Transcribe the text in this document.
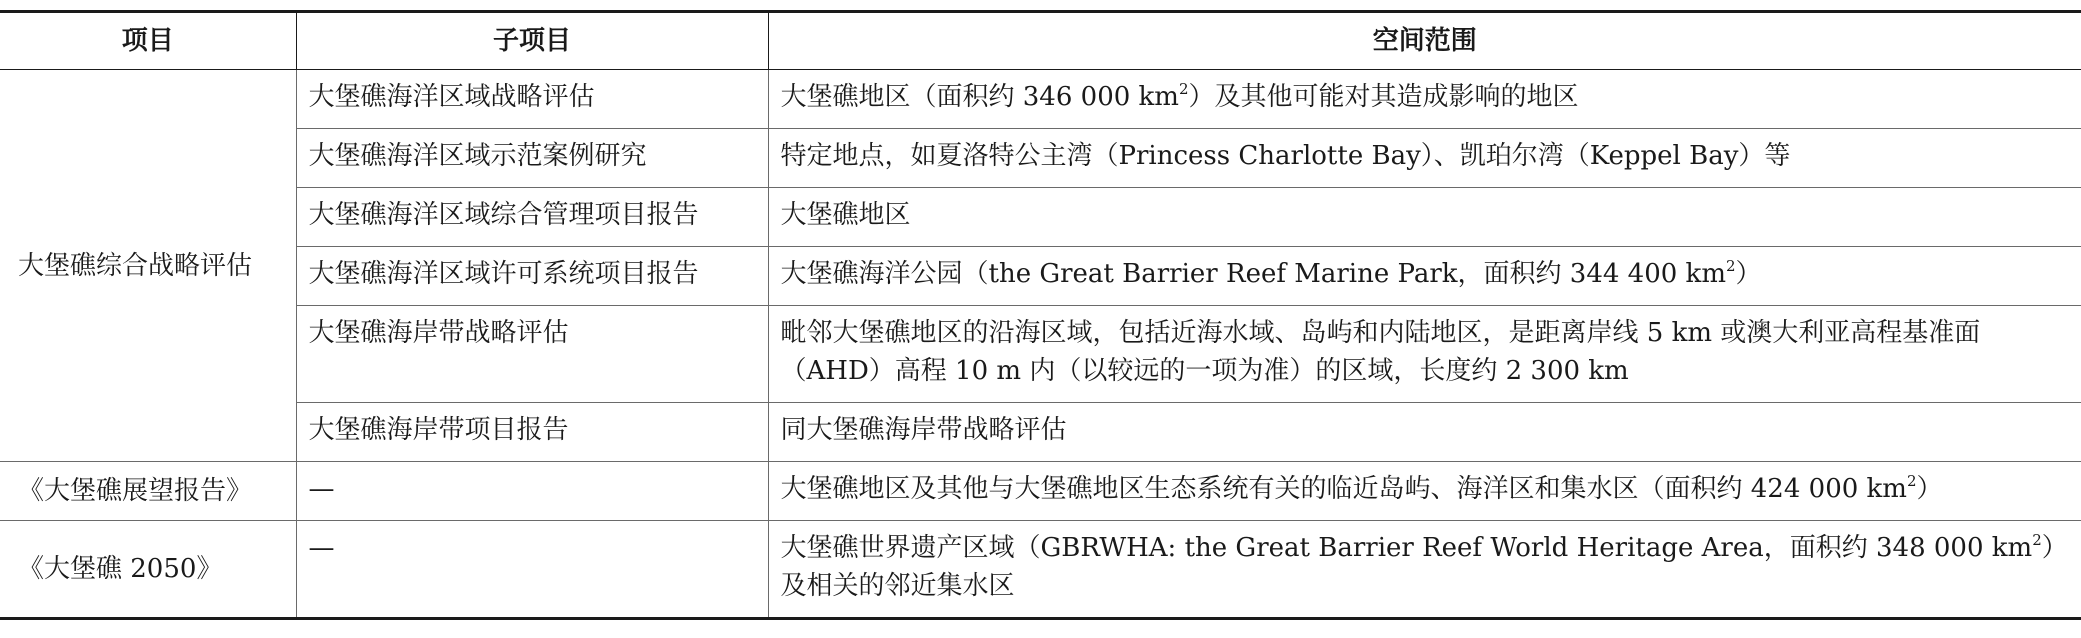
项目	子项目	空间范围
大堡礁综合战略评估	大堡礁海洋区域战略评估	大堡礁地区（面积约 346 000 $km^2$）及其他可能对其造成影响的地区
	大堡礁海洋区域示范案例研究	特定地点，如夏洛特公主湾（Princess Charlotte Bay）、凯珀尔湾（Keppel Bay）等
	大堡礁海洋区域综合管理项目报告	大堡礁地区
	大堡礁海洋区域许可系统项目报告	大堡礁海洋公园（the Great Barrier Reef Marine Park，面积约 344 400 $km^2$）
	大堡礁海岸带战略评估	毗邻大堡礁地区的沿海区域，包括近海水域、岛屿和内陆地区，是距离岸线 5 km 或澳大利亚高程基准面（AHD）高程 10 m 内（以较远的一项为准）的区域，长度约 2 300 km
	大堡礁海岸带项目报告	同大堡礁海岸带战略评估
《大堡礁展望报告》	—	大堡礁地区及其他与大堡礁地区生态系统有关的临近岛屿、海洋区和集水区（面积约 424 000 $km^2$）
《大堡礁 2050》	—	大堡礁世界遗产区域（GBRWHA: the Great Barrier Reef World Heritage Area，面积约 348 000 $km^2$）及相关的邻近集水区
